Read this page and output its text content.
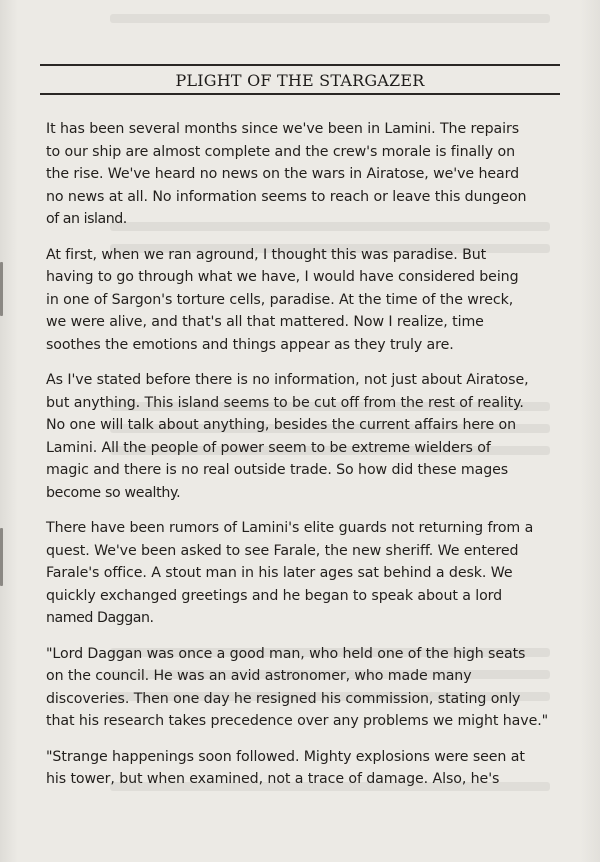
PLIGHT OF THE STARGAZER

It has been several months since we've been in Lamini. The repairs
to our ship are almost complete and the crew's morale is finally on
the rise. We've heard no news on the wars in Airatose, we've heard
no news at all. No information seems to reach or leave this dungeon
of an island.

At first, when we ran aground, I thought this was paradise. But
having to go through what we have, I would have considered being
in one of Sargon's torture cells, paradise. At the time of the wreck,
we were alive, and that's all that mattered. Now I realize, time
soothes the emotions and things appear as they truly are.

As I've stated before there is no information, not just about Airatose,
but anything. This island seems to be cut off from the rest of reality.
No one will talk about anything, besides the current affairs here on
Lamini. All the people of power seem to be extreme wielders of
magic and there is no real outside trade. So how did these mages
become so wealthy.

There have been rumors of Lamini's elite guards not returning from a
quest. We've been asked to see Farale, the new sheriff. We entered
Farale's office. A stout man in his later ages sat behind a desk. We
quickly exchanged greetings and he began to speak about a lord
named Daggan.

"Lord Daggan was once a good man, who held one of the high seats
on the council. He was an avid astronomer, who made many
discoveries. Then one day he resigned his commission, stating only
that his research takes precedence over any problems we might have."

"Strange happenings soon followed. Mighty explosions were seen at
his tower, but when examined, not a trace of damage. Also, he's
